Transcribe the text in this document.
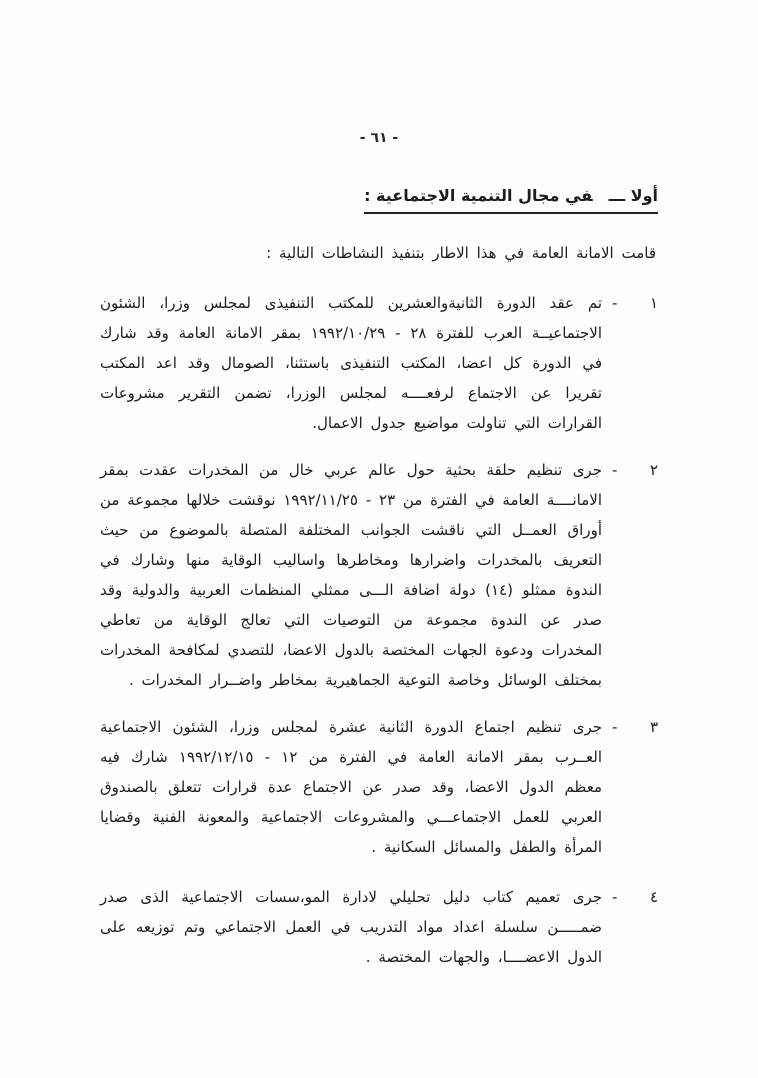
- ٦١ -
أولا ـــفي مجال التنمية الاجتماعية :

قامت الامانة العامة في هذا الاطار بتنفيذ النشاطات التالية :

١
-

تم عقد الدورة الثانيةوالعشرين للمكتب التنفيذى لمجلس وزرا، الشئون الاجتماعيــة العرب للفترة ٢٨ - ١٩٩٢/١٠/٢٩ بمقر الامانة العامة وقد شارك في الدورة كل اعضا، المكتب التنفيذى باستثنا، الصومال وقد اعد المكتب تقريرا عن الاجتماع لرفعــــه لمجلس الوزرا، تضمن التقرير مشروعات القرارات التي تناولت مواضيع جدول الاعمال.

٢
-

جرى تنظيم حلقة بحثية حول عالم عربي خال من المخدرات عقدت بمقر الامانــــة العامة في الفترة من ٢٣ - ١٩٩٢/١١/٢٥ نوقشت خلالها مجموعة من أوراق العمــل التي ناقشت الجوانب المختلفة المتصلة بالموضوع من حيث التعريف بالمخدرات واضرارها ومخاطرها واساليب الوقاية منها وشارك في الندوة ممثلو (١٤) دولة اضافة الـــى ممثلي المنظمات العربية والدولية وقد صدر عن الندوة مجموعة من التوصيات التي تعالج الوقاية من تعاطي المخدرات ودعوة الجهات المختصة بالدول الاعضا، للتصدي لمكافحة المخدرات بمختلف الوسائل وخاصة التوعية الجماهيرية بمخاطر واضــرار المخدرات .

٣
-

جرى تنظيم اجتماع الدورة الثانية عشرة لمجلس وزرا، الشئون الاجتماعية العــرب بمقر الامانة العامة في الفترة من ١٢ - ١٩٩٢/١٢/١٥ شارك فيه معظم الدول الاعضا، وقد صدر عن الاجتماع عدة قرارات تتعلق بالصندوق العربي للعمل الاجتماعـــي والمشروعات الاجتماعية والمعونة الفنية وقضايا المرأة والطفل والمسائل السكانية .

٤
-

جرى تعميم كتاب دليل تحليلي لادارة المو،سسات الاجتماعية الذى صدر ضمـــــن سلسلة اعداد مواد التدريب في العمل الاجتماعي وتم توزيعه على الدول الاعضــــا، والجهات المختصة .
